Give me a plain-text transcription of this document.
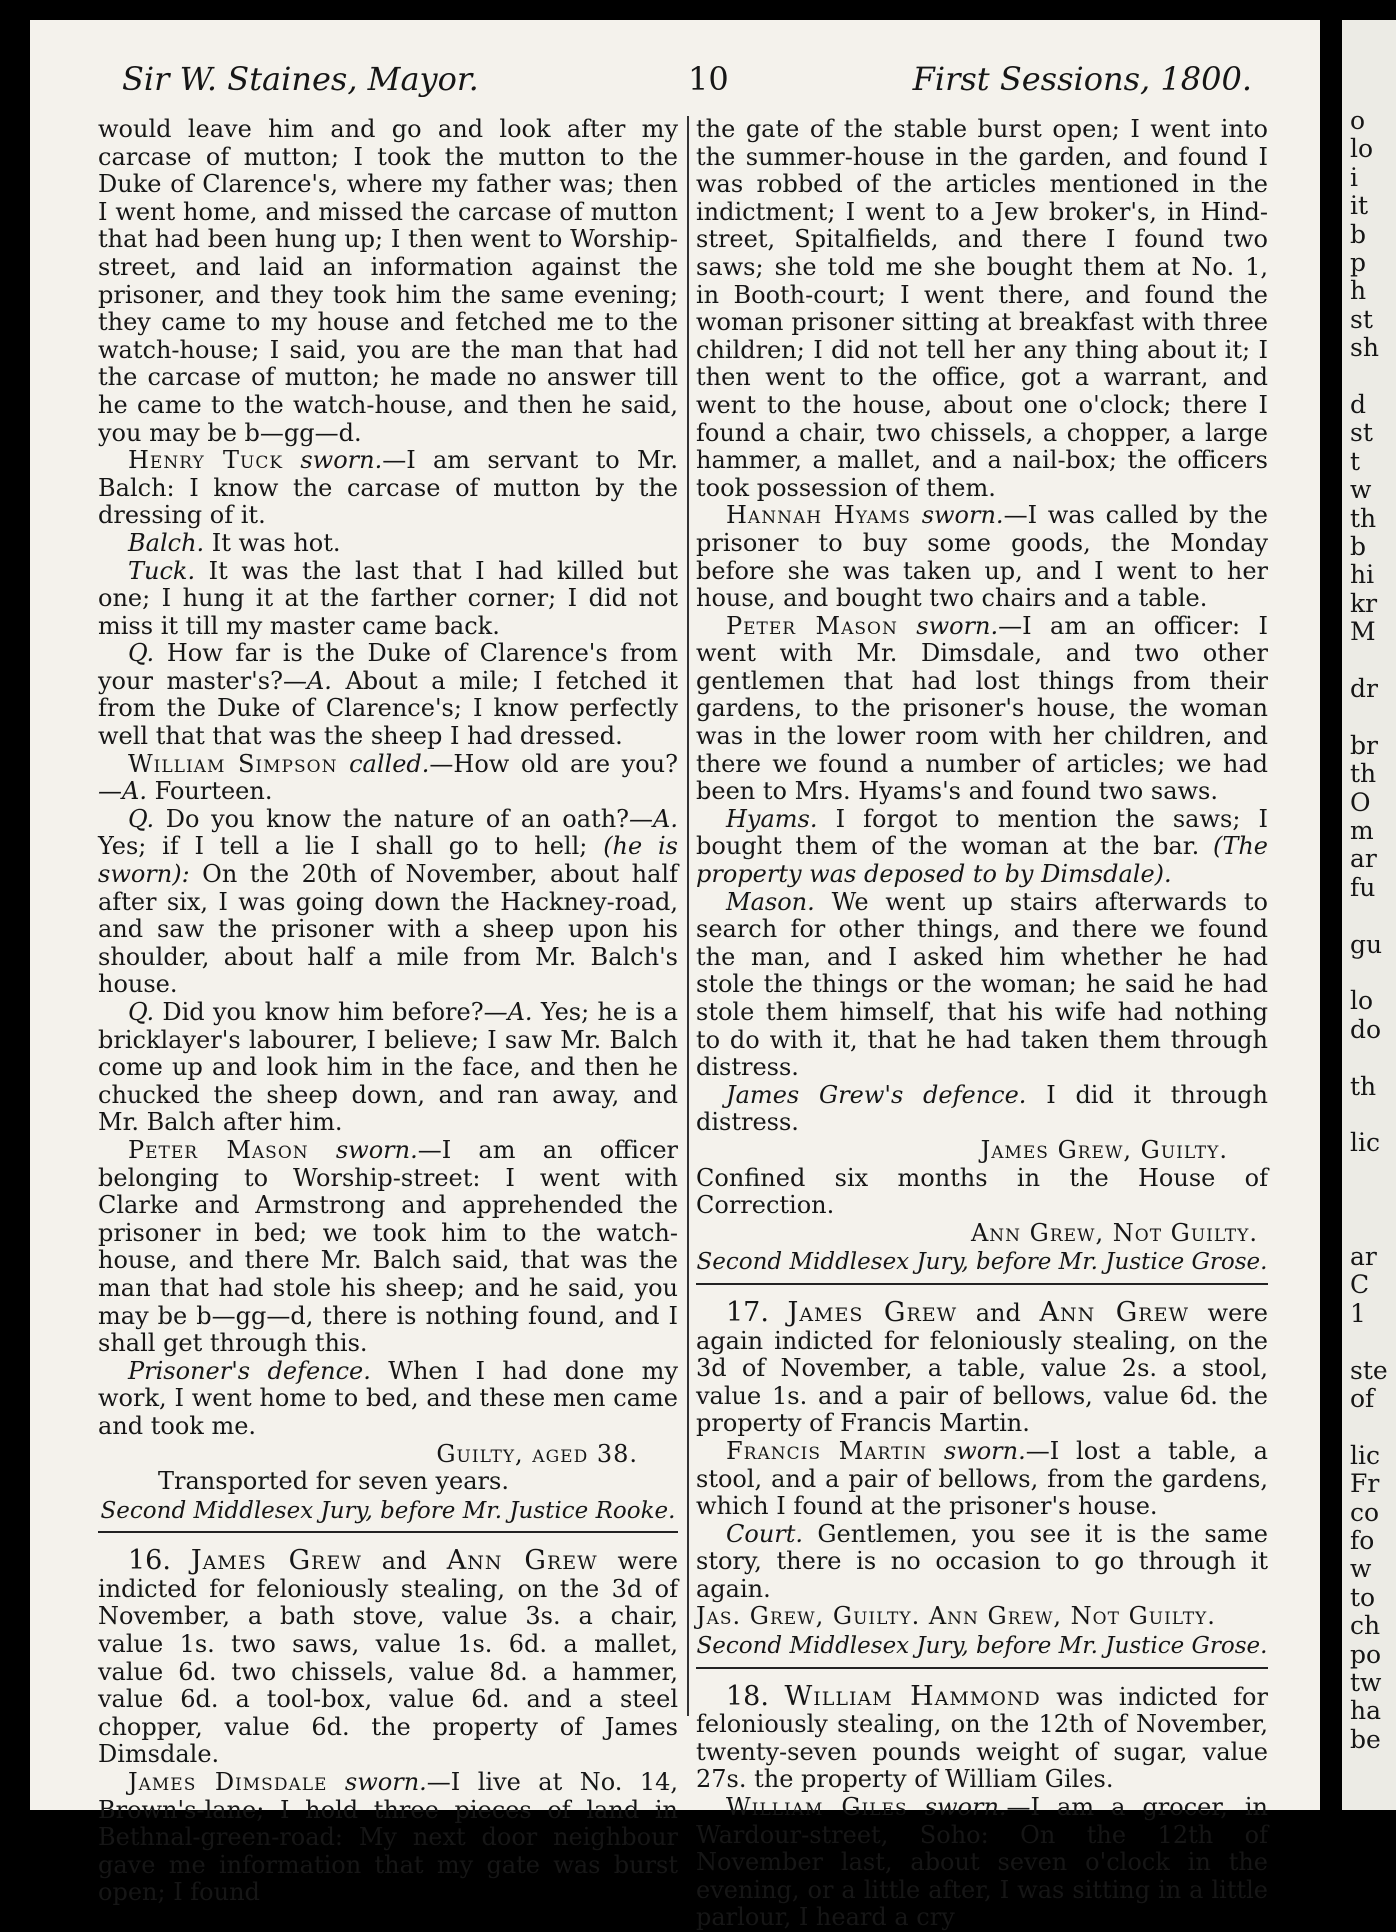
Sir W. Staines, Mayor.	10	First Sessions, 1800.

would leave him and go and look after my carcase of mutton; I took the mutton to the Duke of Clarence's, where my father was; then I went home, and missed the carcase of mutton that had been hung up; I then went to Worship-street, and laid an information against the prisoner, and they took him the same evening; they came to my house and fetched me to the watch-house; I said, you are the man that had the carcase of mutton; he made no answer till he came to the watch-house, and then he said, you may be b—gg—d.

Henry Tuck sworn.—I am servant to Mr. Balch: I know the carcase of mutton by the dressing of it.

Balch. It was hot.

Tuck. It was the last that I had killed but one; I hung it at the farther corner; I did not miss it till my master came back.

Q. How far is the Duke of Clarence's from your master's?—A. About a mile; I fetched it from the Duke of Clarence's; I know perfectly well that that was the sheep I had dressed.

William Simpson called.—How old are you? —A. Fourteen.

Q. Do you know the nature of an oath?—A. Yes; if I tell a lie I shall go to hell; (he is sworn): On the 20th of November, about half after six, I was going down the Hackney-road, and saw the prisoner with a sheep upon his shoulder, about half a mile from Mr. Balch's house.

Q. Did you know him before?—A. Yes; he is a bricklayer's labourer, I believe; I saw Mr. Balch come up and look him in the face, and then he chucked the sheep down, and ran away, and Mr. Balch after him.

Peter Mason sworn.—I am an officer belonging to Worship-street: I went with Clarke and Armstrong and apprehended the prisoner in bed; we took him to the watch-house, and there Mr. Balch said, that was the man that had stole his sheep; and he said, you may be b—gg—d, there is nothing found, and I shall get through this.

Prisoner's defence. When I had done my work, I went home to bed, and these men came and took me.

Guilty, aged 38.

Transported for seven years.

Second Middlesex Jury, before Mr. Justice Rooke.

16. James Grew and Ann Grew were indicted for feloniously stealing, on the 3d of November, a bath stove, value 3s. a chair, value 1s. two saws, value 1s. 6d. a mallet, value 6d. two chissels, value 8d. a hammer, value 6d. a tool-box, value 6d. and a steel chopper, value 6d. the property of James Dimsdale.

James Dimsdale sworn.—I live at No. 14, Brown's-lane; I hold three pieces of land in Bethnal-green-road: My next door neighbour gave me information that my gate was burst open; I found

the gate of the stable burst open; I went into the summer-house in the garden, and found I was robbed of the articles mentioned in the indictment; I went to a Jew broker's, in Hind-street, Spitalfields, and there I found two saws; she told me she bought them at No. 1, in Booth-court; I went there, and found the woman prisoner sitting at breakfast with three children; I did not tell her any thing about it; I then went to the office, got a warrant, and went to the house, about one o'clock; there I found a chair, two chissels, a chopper, a large hammer, a mallet, and a nail-box; the officers took possession of them.

Hannah Hyams sworn.—I was called by the prisoner to buy some goods, the Monday before she was taken up, and I went to her house, and bought two chairs and a table.

Peter Mason sworn.—I am an officer: I went with Mr. Dimsdale, and two other gentlemen that had lost things from their gardens, to the prisoner's house, the woman was in the lower room with her children, and there we found a number of articles; we had been to Mrs. Hyams's and found two saws.

Hyams. I forgot to mention the saws; I bought them of the woman at the bar. (The property was deposed to by Dimsdale).

Mason. We went up stairs afterwards to search for other things, and there we found the man, and I asked him whether he had stole the things or the woman; he said he had stole them himself, that his wife had nothing to do with it, that he had taken them through distress.

James Grew's defence. I did it through distress.

James Grew, Guilty.

Confined six months in the House of Correction.

Ann Grew, Not Guilty.

Second Middlesex Jury, before Mr. Justice Grose.

17. James Grew and Ann Grew were again indicted for feloniously stealing, on the 3d of November, a table, value 2s. a stool, value 1s. and a pair of bellows, value 6d. the property of Francis Martin.

Francis Martin sworn.—I lost a table, a stool, and a pair of bellows, from the gardens, which I found at the prisoner's house.

Court. Gentlemen, you see it is the same story, there is no occasion to go through it again.

Jas. Grew, Guilty. Ann Grew, Not Guilty.

Second Middlesex Jury, before Mr. Justice Grose.

18. William Hammond was indicted for feloniously stealing, on the 12th of November, twenty-seven pounds weight of sugar, value 27s. the property of William Giles.

William Giles sworn.—I am a grocer, in Wardour-street, Soho: On the 12th of November last, about seven o'clock in the evening, or a little after, I was sitting in a little parlour, I heard a cry

o
lo
i
it
b
p
h
st
sh
d
st
t
w
th
b
hi
kr
M
dr
br
th
O
m
ar
fu
gu
lo
do
th
lic
ar
C
1
ste
of
lic
Fr
co
fo
w
to
ch
po
tw
ha
be
